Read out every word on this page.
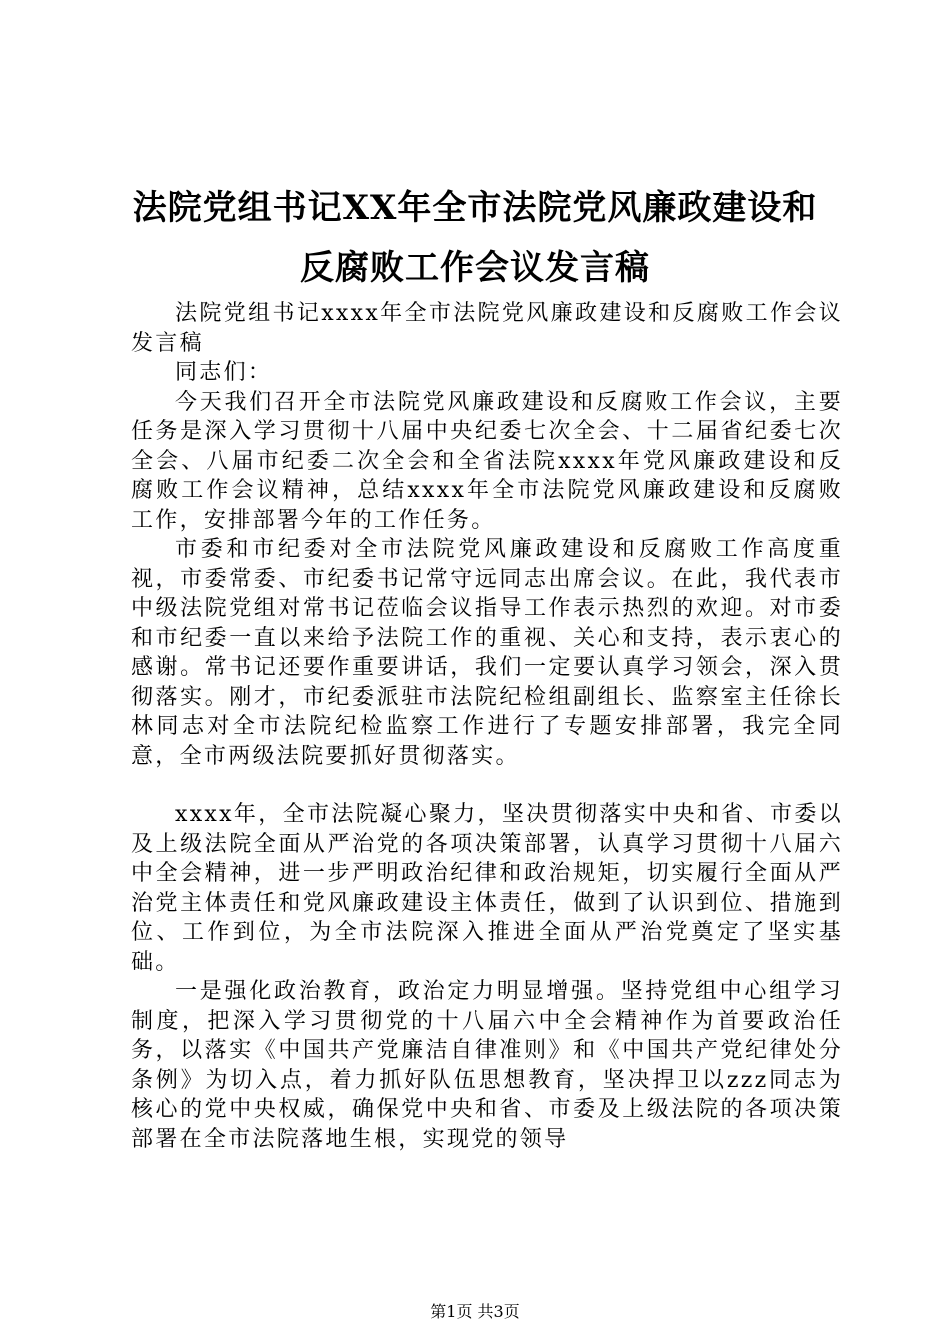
法院党组书记XX年全市法院党风廉政建设和
反腐败工作会议发言稿

法院党组书记xxxx年全市法院党风廉政建设和反腐败工作会议发言稿

同志们：

今天我们召开全市法院党风廉政建设和反腐败工作会议，主要任务是深入学习贯彻十八届中央纪委七次全会、十二届省纪委七次全会、八届市纪委二次全会和全省法院xxxx年党风廉政建设和反腐败工作会议精神，总结xxxx年全市法院党风廉政建设和反腐败工作，安排部署今年的工作任务。

市委和市纪委对全市法院党风廉政建设和反腐败工作高度重视，市委常委、市纪委书记常守远同志出席会议。在此，我代表市中级法院党组对常书记莅临会议指导工作表示热烈的欢迎。对市委和市纪委一直以来给予法院工作的重视、关心和支持，表示衷心的感谢。常书记还要作重要讲话，我们一定要认真学习领会，深入贯彻落实。刚才，市纪委派驻市法院纪检组副组长、监察室主任徐长林同志对全市法院纪检监察工作进行了专题安排部署，我完全同意，全市两级法院要抓好贯彻落实。

xxxx年，全市法院凝心聚力，坚决贯彻落实中央和省、市委以及上级法院全面从严治党的各项决策部署，认真学习贯彻十八届六中全会精神，进一步严明政治纪律和政治规矩，切实履行全面从严治党主体责任和党风廉政建设主体责任，做到了认识到位、措施到位、工作到位，为全市法院深入推进全面从严治党奠定了坚实基础。

一是强化政治教育，政治定力明显增强。坚持党组中心组学习制度，把深入学习贯彻党的十八届六中全会精神作为首要政治任务，以落实《中国共产党廉洁自律准则》和《中国共产党纪律处分条例》为切入点，着力抓好队伍思想教育，坚决捍卫以zzz同志为核心的党中央权威，确保党中央和省、市委及上级法院的各项决策部署在全市法院落地生根，实现党的领导

第1页 共3页
